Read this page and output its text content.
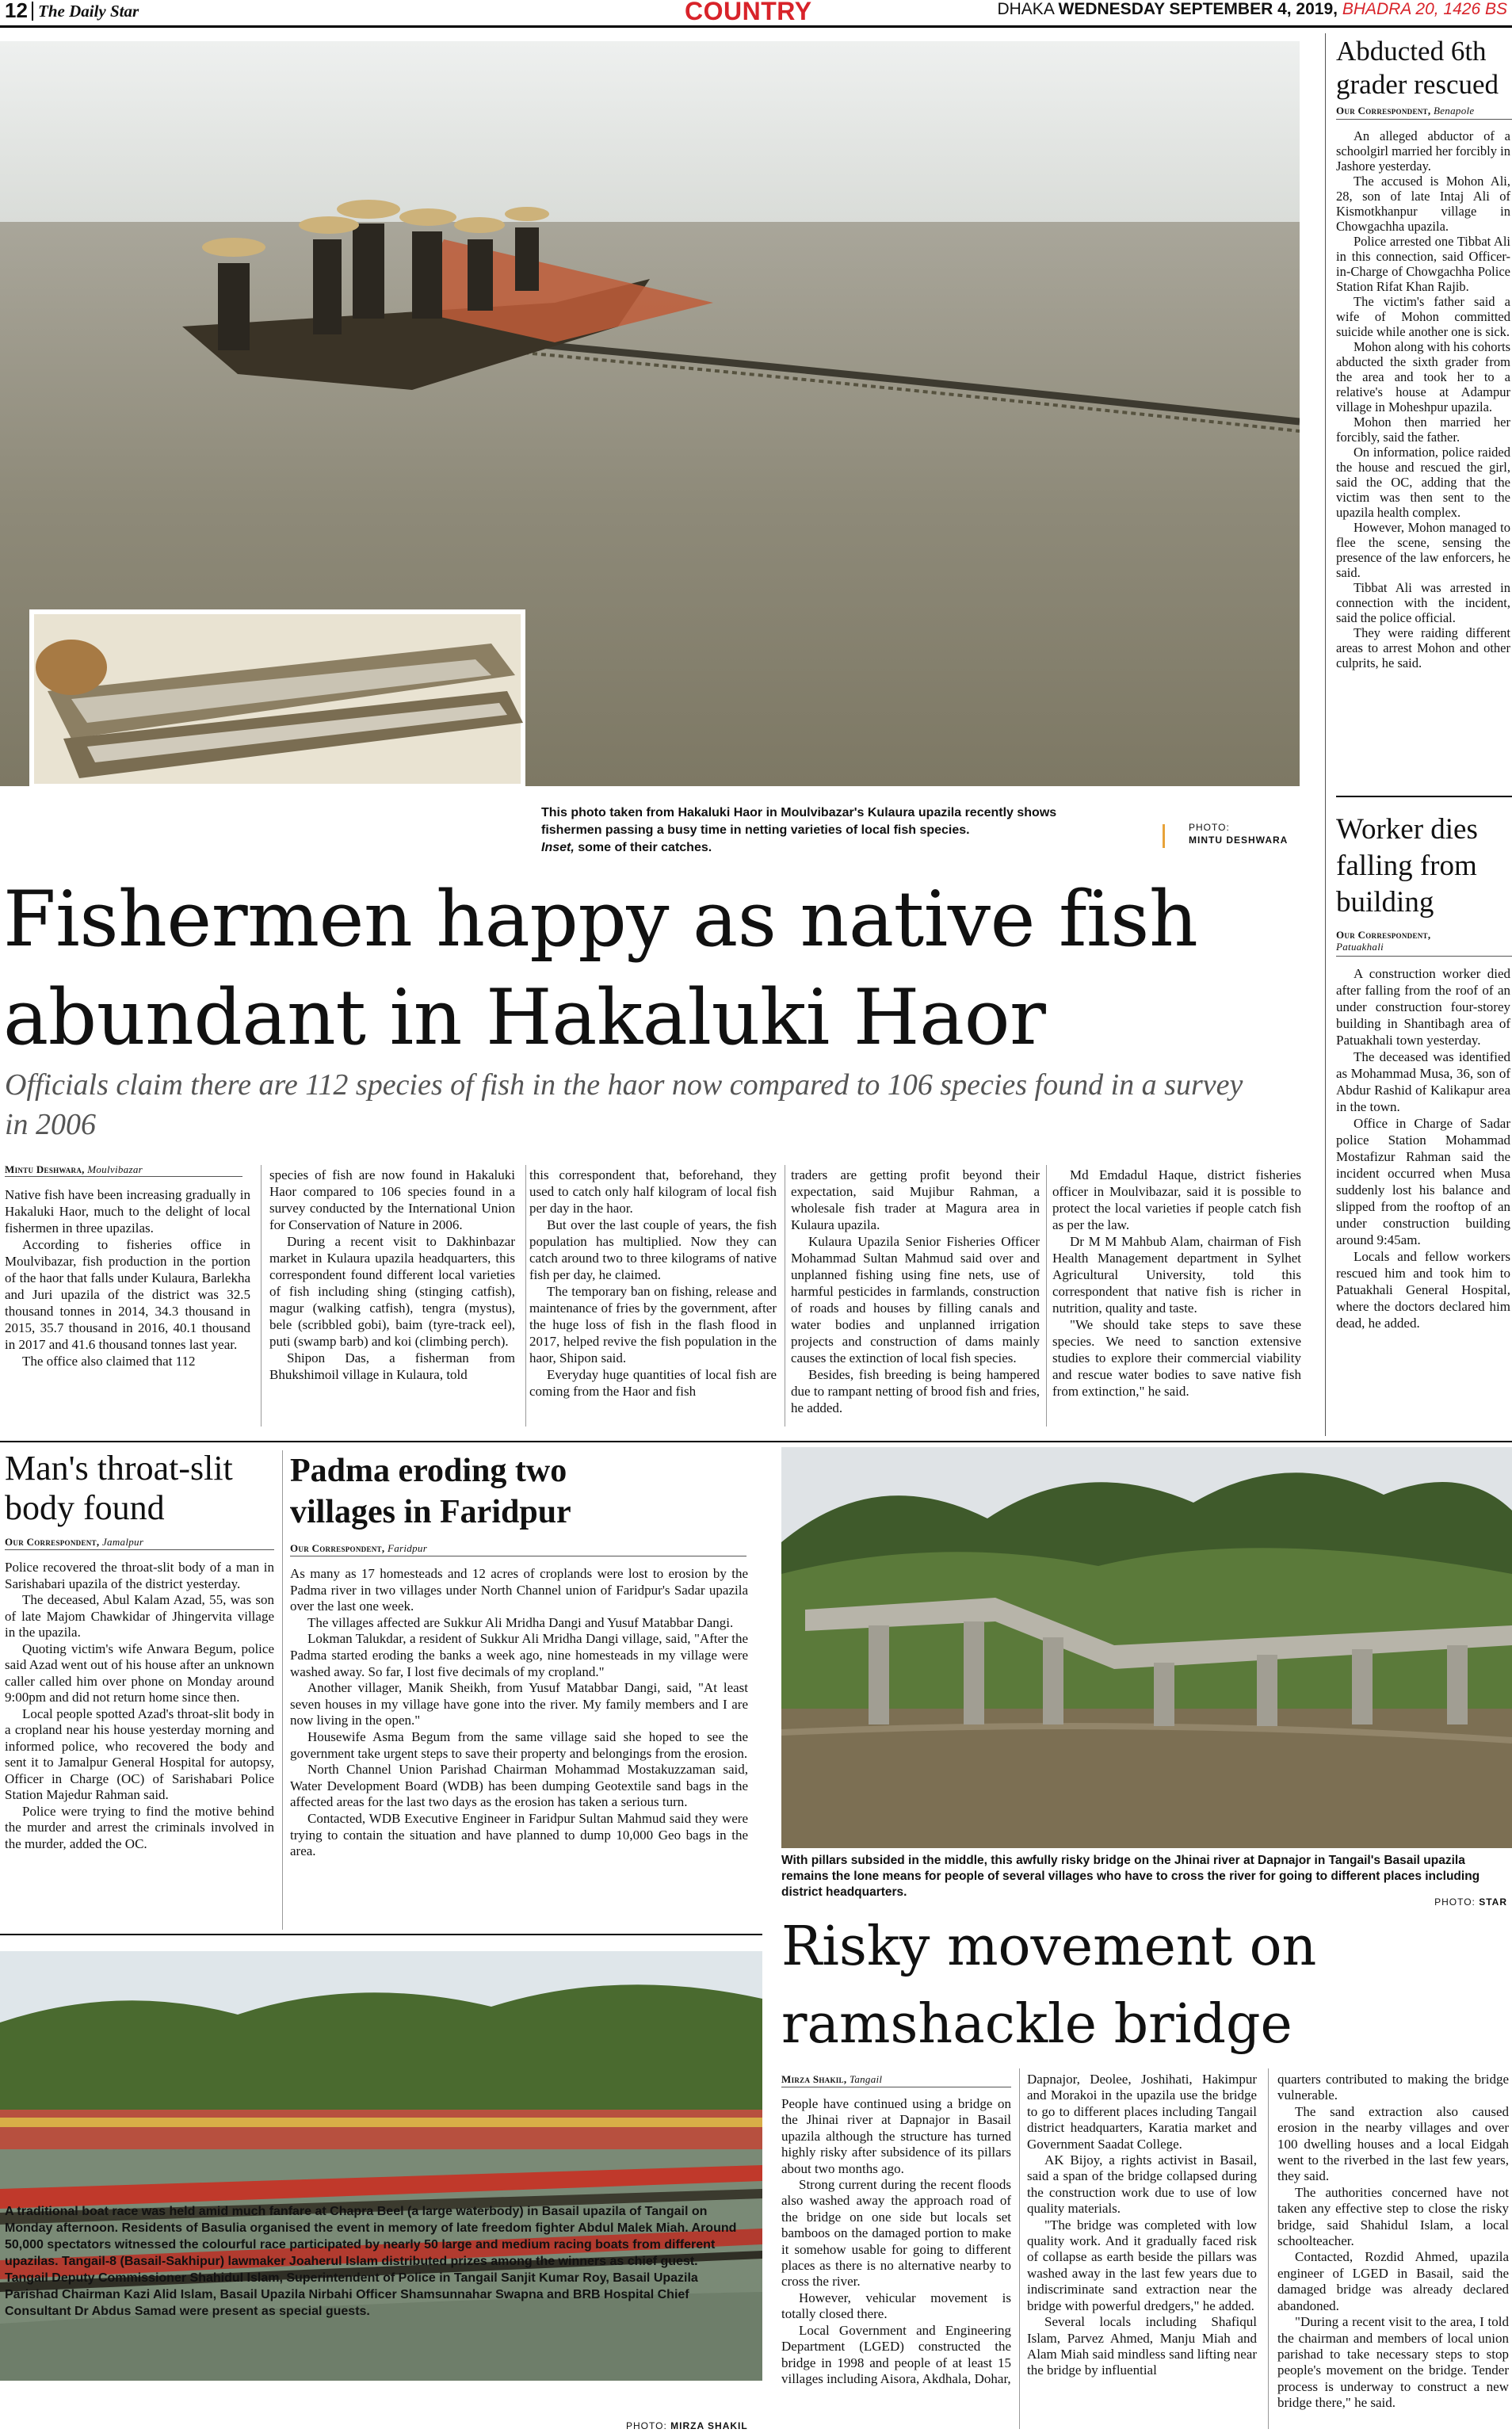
12 The Daily Star	COUNTRY	DHAKA WEDNESDAY SEPTEMBER 4, 2019, BHADRA 20, 1426 BS
This photo taken from Hakaluki Haor in Moulvibazar's Kulaura upazila recently shows fishermen passing a busy time in netting varieties of local fish species.
Inset, some of their catches.
PHOTO:
MINTU DESHWARA
Fishermen happy as native fish
abundant in Hakaluki Haor
Officials claim there are 112 species of fish in the haor now compared to 106 species found in a survey in 2006
Mintu Deshwara, Moulvibazar

Native fish have been increasing gradually in Hakaluki Haor, much to the delight of local fishermen in three upazilas.

According to fisheries office in Moulvibazar, fish production in the portion of the haor that falls under Kulaura, Barlekha and Juri upazila of the district was 32.5 thousand tonnes in 2014, 34.3 thousand in 2015, 35.7 thousand in 2016, 40.1 thousand in 2017 and 41.6 thousand tonnes last year.

The office also claimed that 112

species of fish are now found in Hakaluki Haor compared to 106 species found in a survey conducted by the International Union for Conservation of Nature in 2006.

During a recent visit to Dakhinbazar market in Kulaura upazila headquarters, this correspondent found different local varieties of fish including shing (stinging catfish), magur (walking catfish), tengra (mystus), bele (scribbled gobi), baim (tyre-track eel), puti (swamp barb) and koi (climbing perch).

Shipon Das, a fisherman from Bhukshimoil village in Kulaura, told

this correspondent that, beforehand, they used to catch only half kilogram of local fish per day in the haor.

But over the last couple of years, the fish population has multiplied. Now they can catch around two to three kilograms of native fish per day, he claimed.

The temporary ban on fishing, release and maintenance of fries by the government, after the huge loss of fish in the flash flood in 2017, helped revive the fish population in the haor, Shipon said.

Everyday huge quantities of local fish are coming from the Haor and fish

traders are getting profit beyond their expectation, said Mujibur Rahman, a wholesale fish trader at Magura area in Kulaura upazila.

Kulaura Upazila Senior Fisheries Officer Mohammad Sultan Mahmud said over and unplanned fishing using fine nets, use of harmful pesticides in farmlands, construction of roads and houses by filling canals and water bodies and unplanned irrigation projects and construction of dams mainly causes the extinction of local fish species.

Besides, fish breeding is being hampered due to rampant netting of brood fish and fries, he added.

Md Emdadul Haque, district fisheries officer in Moulvibazar, said it is possible to protect the local varieties if people catch fish as per the law.

Dr M M Mahbub Alam, chairman of Fish Health Management department in Sylhet Agricultural University, told this correspondent that native fish is richer in nutrition, quality and taste.

"We should take steps to save these species. We need to sanction extensive studies to explore their commercial viability and rescue water bodies to save native fish from extinction," he said.

Abducted 6th
grader rescued
Our Correspondent, Benapole

An alleged abductor of a schoolgirl married her forcibly in Jashore yesterday.

The accused is Mohon Ali, 28, son of late Intaj Ali of Kismotkhanpur village in Chowgachha upazila.

Police arrested one Tibbat Ali in this connection, said Officer-in-Charge of Chowgachha Police Station Rifat Khan Rajib.

The victim's father said a wife of Mohon committed suicide while another one is sick.

Mohon along with his cohorts abducted the sixth grader from the area and took her to a relative's house at Adampur village in Moheshpur upazila.

Mohon then married her forcibly, said the father.

On information, police raided the house and rescued the girl, said the OC, adding that the victim was then sent to the upazila health complex.

However, Mohon managed to flee the scene, sensing the presence of the law enforcers, he said.

Tibbat Ali was arrested in connection with the incident, said the police official.

They were raiding different areas to arrest Mohon and other culprits, he said.

Worker dies
falling from
building
Our Correspondent,
Patuakhali

A construction worker died after falling from the roof of an under construction four-storey building in Shantibagh area of Patuakhali town yesterday.

The deceased was identified as Mohammad Musa, 36, son of Abdur Rashid of Kalikapur area in the town.

Office in Charge of Sadar police Station Mohammad Mostafizur Rahman said the incident occurred when Musa suddenly lost his balance and slipped from the rooftop of an under construction building around 9:45am.

Locals and fellow workers rescued him and took him to Patuakhali General Hospital, where the doctors declared him dead, he added.

Man's throat-slit
body found
Our Correspondent, Jamalpur

Police recovered the throat-slit body of a man in Sarishabari upazila of the district yesterday.

The deceased, Abul Kalam Azad, 55, was son of late Majom Chawkidar of Jhingervita village in the upazila.

Quoting victim's wife Anwara Begum, police said Azad went out of his house after an unknown caller called him over phone on Monday around 9:00pm and did not return home since then.

Local people spotted Azad's throat-slit body in a cropland near his house yesterday morning and informed police, who recovered the body and sent it to Jamalpur General Hospital for autopsy, Officer in Charge (OC) of Sarishabari Police Station Majedur Rahman said.

Police were trying to find the motive behind the murder and arrest the criminals involved in the murder, added the OC.

Padma eroding two
villages in Faridpur
Our Correspondent, Faridpur

As many as 17 homesteads and 12 acres of croplands were lost to erosion by the Padma river in two villages under North Channel union of Faridpur's Sadar upazila over the last one week.

The villages affected are Sukkur Ali Mridha Dangi and Yusuf Matabbar Dangi.

Lokman Talukdar, a resident of Sukkur Ali Mridha Dangi village, said, "After the Padma started eroding the banks a week ago, nine homesteads in my village were washed away. So far, I lost five decimals of my cropland."

Another villager, Manik Sheikh, from Yusuf Matabbar Dangi, said, "At least seven houses in my village have gone into the river. My family members and I are now living in the open."

Housewife Asma Begum from the same village said she hoped to see the government take urgent steps to save their property and belongings from the erosion.

North Channel Union Parishad Chairman Mohammad Mostakuzzaman said, Water Development Board (WDB) has been dumping Geotextile sand bags in the affected areas for the last two days as the erosion has taken a serious turn.

Contacted, WDB Executive Engineer in Faridpur Sultan Mahmud said they were trying to contain the situation and have planned to dump 10,000 Geo bags in the area.

With pillars subsided in the middle, this awfully risky bridge on the Jhinai river at Dapnajor in Tangail's Basail upazila remains the lone means for people of several villages who have to cross the river for going to different places including district headquarters.
PHOTO: STAR
A traditional boat race was held amid much fanfare at Chapra Beel (a large waterbody) in Basail upazila of Tangail on Monday afternoon. Residents of Basulia organised the event in memory of late freedom fighter Abdul Malek Miah. Around 50,000 spectators witnessed the colourful race participated by nearly 50 large and medium racing boats from different upazilas. Tangail-8 (Basail-Sakhipur) lawmaker Joaherul Islam distributed prizes among the winners as chief guest. Tangail Deputy Commissioner Shahidul Islam, Superintendent of Police in Tangail Sanjit Kumar Roy, Basail Upazila Parishad Chairman Kazi Alid Islam, Basail Upazila Nirbahi Officer Shamsunnahar Swapna and BRB Hospital Chief Consultant Dr Abdus Samad were present as special guests.
PHOTO: MIRZA SHAKIL
Risky movement on
ramshackle bridge
Mirza Shakil, Tangail

People have continued using a bridge on the Jhinai river at Dapnajor in Basail upazila although the structure has turned highly risky after subsidence of its pillars about two months ago.

Strong current during the recent floods also washed away the approach road of the bridge on one side but locals set bamboos on the damaged portion to make it somehow usable for going to different places as there is no alternative nearby to cross the river.

However, vehicular movement is totally closed there.

Local Government and Engineering Department (LGED) constructed the bridge in 1998 and people of at least 15 villages including Aisora, Akdhala, Dohar,

Dapnajor, Deolee, Joshihati, Hakimpur and Morakoi in the upazila use the bridge to go to different places including Tangail district headquarters, Karatia market and Government Saadat College.

AK Bijoy, a rights activist in Basail, said a span of the bridge collapsed during the construction work due to use of low quality materials.

"The bridge was completed with low quality work. And it gradually faced risk of collapse as earth beside the pillars was washed away in the last few years due to indiscriminate sand extraction near the bridge with powerful dredgers," he added.

Several locals including Shafiqul Islam, Parvez Ahmed, Manju Miah and Alam Miah said mindless sand lifting near the bridge by influential

quarters contributed to making the bridge vulnerable.

The sand extraction also caused erosion in the nearby villages and over 100 dwelling houses and a local Eidgah went to the riverbed in the last few years, they said.

The authorities concerned have not taken any effective step to close the risky bridge, said Shahidul Islam, a local schoolteacher.

Contacted, Rozdid Ahmed, upazila engineer of LGED in Basail, said the damaged bridge was already declared abandoned.

"During a recent visit to the area, I told the chairman and members of local union parishad to take necessary steps to stop people's movement on the bridge. Tender process is underway to construct a new bridge there," he said.
